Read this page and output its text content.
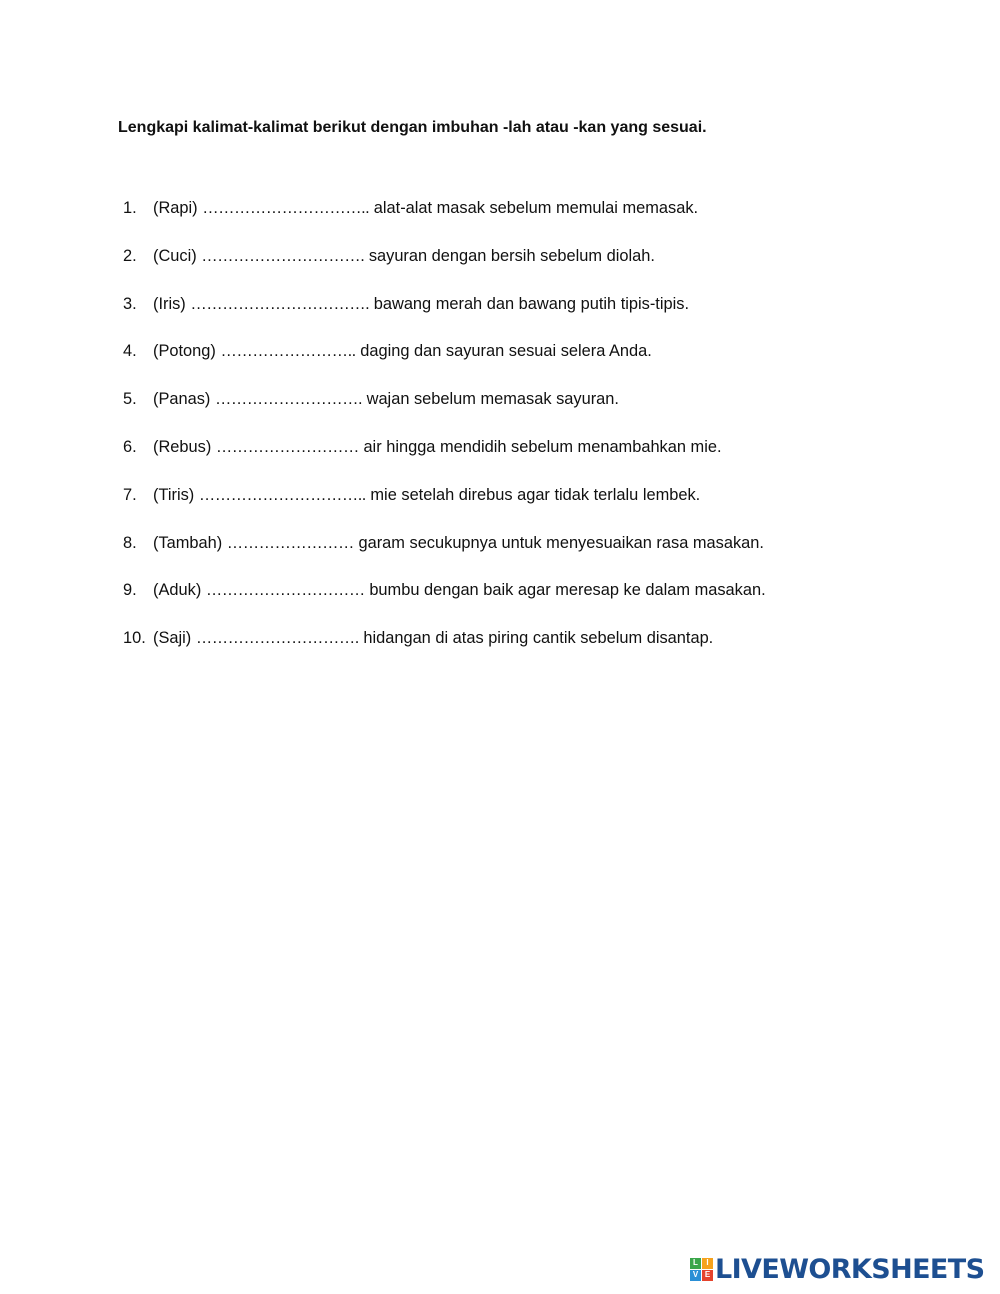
Lengkapi kalimat-kalimat berikut dengan imbuhan -lah atau -kan yang sesuai.
1. (Rapi) ………………………….. alat-alat masak sebelum memulai memasak.
2. (Cuci) …………………………. sayuran dengan bersih sebelum diolah.
3. (Iris) ……………………………. bawang merah dan bawang putih tipis-tipis.
4. (Potong) …………………….. daging dan sayuran sesuai selera Anda.
5. (Panas) ………………………. wajan sebelum memasak sayuran.
6. (Rebus) ……………………… air hingga mendidih sebelum menambahkan mie.
7. (Tiris) ………………………….. mie setelah direbus agar tidak terlalu lembek.
8. (Tambah) …………………… garam secukupnya untuk menyesuaikan rasa masakan.
9. (Aduk) ………………………… bumbu dengan baik agar meresap ke dalam masakan.
10. (Saji) …………………………. hidangan di atas piring cantik sebelum disantap.
L	I
V E LIVEWORKSHEETS
